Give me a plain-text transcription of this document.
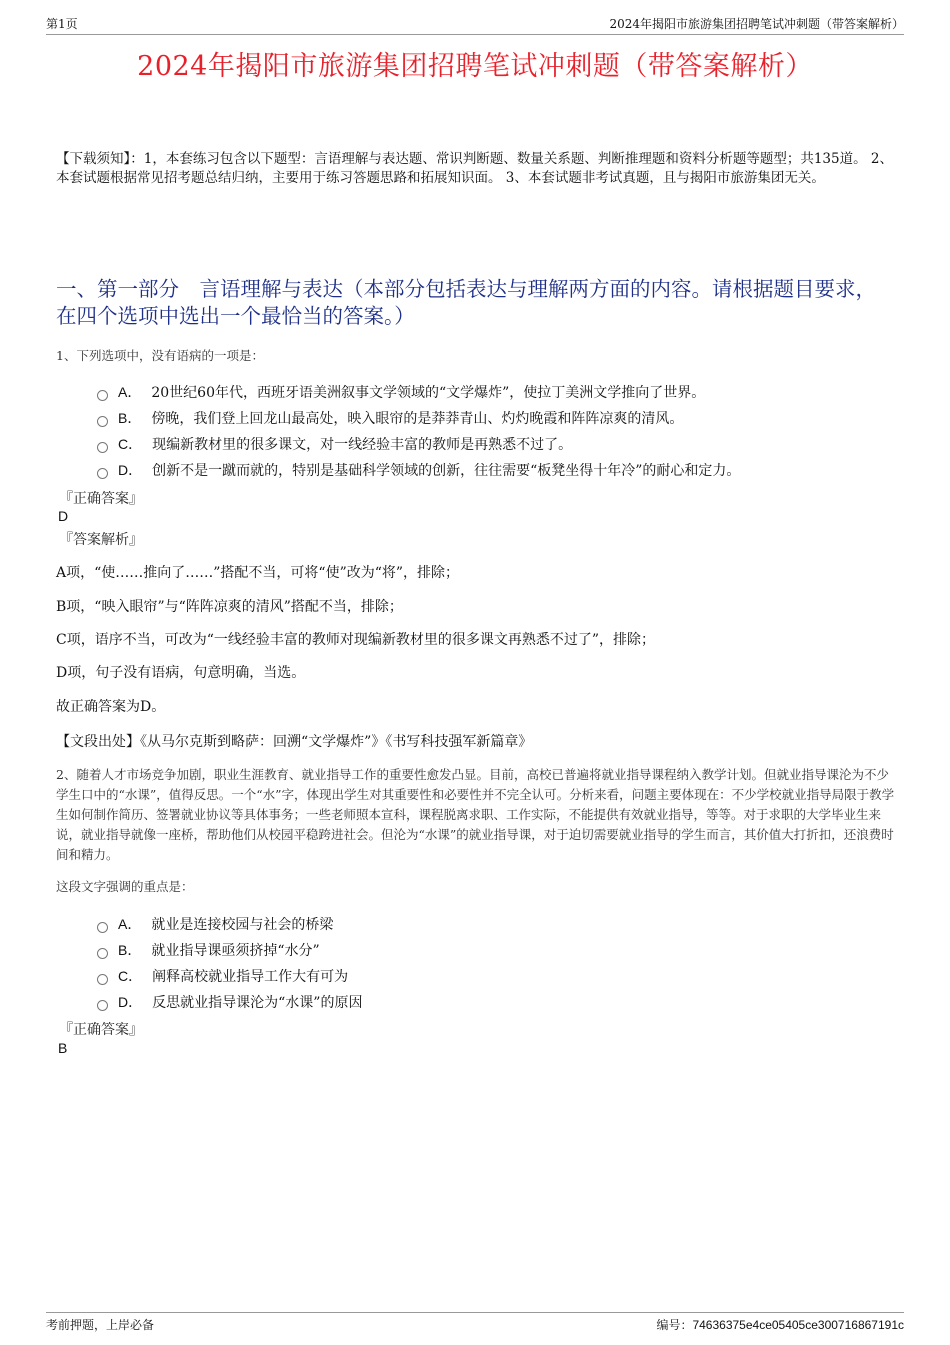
第1页	2024年揭阳市旅游集团招聘笔试冲刺题（带答案解析）
2024年揭阳市旅游集团招聘笔试冲刺题（带答案解析）
【下载须知】：1，本套练习包含以下题型：言语理解与表达题、常识判断题、数量关系题、判断推理题和资料分析题等题型；共135道。 2、本套试题根据常见招考题总结归纳，主要用于练习答题思路和拓展知识面。 3、本套试题非考试真题，且与揭阳市旅游集团无关。
一、第一部分　言语理解与表达（本部分包括表达与理解两方面的内容。请根据题目要求，在四个选项中选出一个最恰当的答案。）
1、下列选项中，没有语病的一项是：
A． 20世纪60年代，西班牙语美洲叙事文学领域的“文学爆炸”，使拉丁美洲文学推向了世界。
B． 傍晚，我们登上回龙山最高处，映入眼帘的是莽莽青山、灼灼晚霞和阵阵凉爽的清风。
C． 现编新教材里的很多课文，对一线经验丰富的教师是再熟悉不过了。
D． 创新不是一蹴而就的，特别是基础科学领域的创新，往往需要“板凳坐得十年冷”的耐心和定力。
『正确答案』
D
『答案解析』
A项，“使……推向了……”搭配不当，可将“使”改为“将”，排除；
B项，“映入眼帘”与“阵阵凉爽的清风”搭配不当，排除；
C项，语序不当，可改为“一线经验丰富的教师对现编新教材里的很多课文再熟悉不过了”，排除；
D项，句子没有语病，句意明确，当选。
故正确答案为D。
【文段出处】《从马尔克斯到略萨：回溯“文学爆炸”》《书写科技强军新篇章》
2、随着人才市场竞争加剧，职业生涯教育、就业指导工作的重要性愈发凸显。目前，高校已普遍将就业指导课程纳入教学计划。但就业指导课沦为不少学生口中的“水课”，值得反思。一个“水”字，体现出学生对其重要性和必要性并不完全认可。分析来看，问题主要体现在：不少学校就业指导局限于教学生如何制作简历、签署就业协议等具体事务；一些老师照本宣科，课程脱离求职、工作实际，不能提供有效就业指导，等等。对于求职的大学毕业生来说，就业指导就像一座桥，帮助他们从校园平稳跨进社会。但沦为“水课”的就业指导课，对于迫切需要就业指导的学生而言，其价值大打折扣，还浪费时间和精力。
这段文字强调的重点是：
A． 就业是连接校园与社会的桥梁
B． 就业指导课亟须挤掉“水分”
C． 阐释高校就业指导工作大有可为
D． 反思就业指导课沦为“水课”的原因
『正确答案』
B
考前押题，上岸必备	编号：74636375e4ce05405ce300716867191c
